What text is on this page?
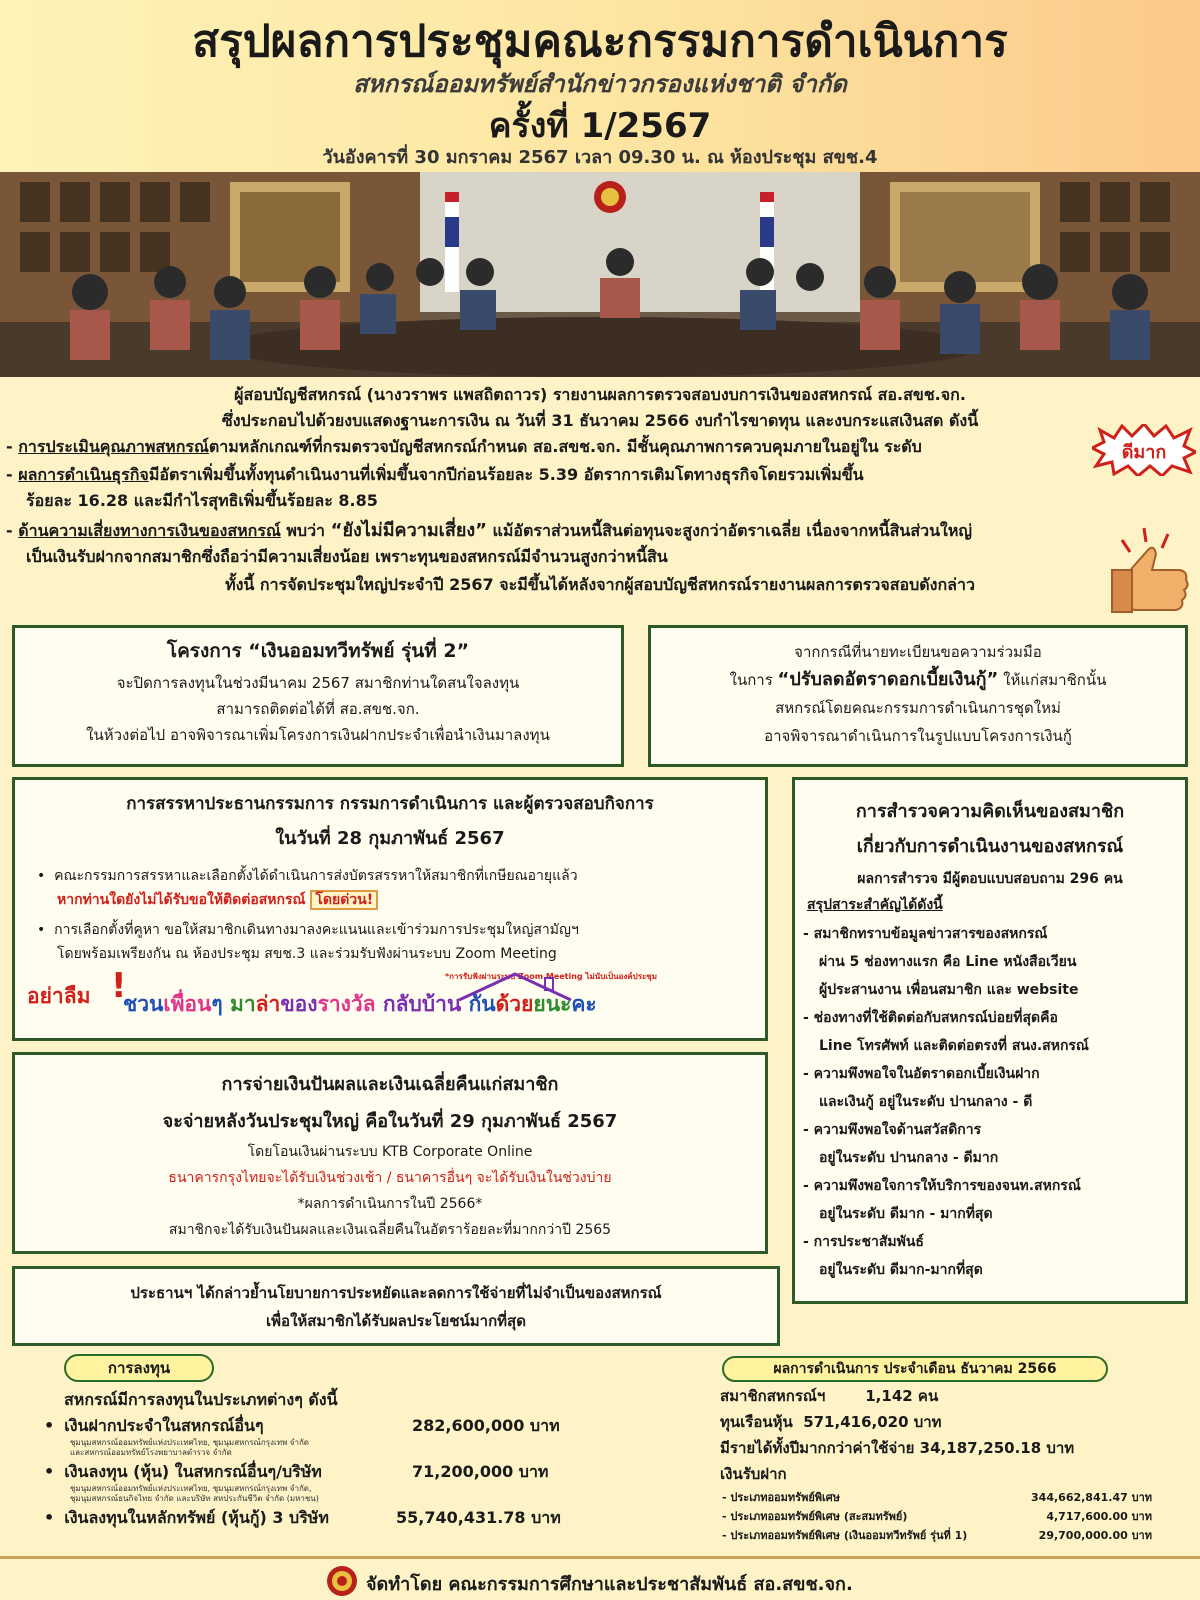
สรุปผลการประชุมคณะกรรมการดำเนินการ
สหกรณ์ออมทรัพย์สำนักข่าวกรองแห่งชาติ จำกัด
ครั้งที่ 1/2567
วันอังคารที่ 30 มกราคม 2567 เวลา 09.30 น. ณ ห้องประชุม สขช.4
ผู้สอบบัญชีสหกรณ์ (นางวราพร แพสถิตถาวร) รายงานผลการตรวจสอบงบการเงินของสหกรณ์ สอ.สขช.จก.
ซึ่งประกอบไปด้วยงบแสดงฐานะการเงิน ณ วันที่ 31 ธันวาคม 2566 งบกำไรขาดทุน และงบกระแสเงินสด ดังนี้
- การประเมินคุณภาพสหกรณ์ตามหลักเกณฑ์ที่กรมตรวจบัญชีสหกรณ์กำหนด สอ.สขช.จก. มีชั้นคุณภาพการควบคุมภายในอยู่ใน ระดับ
- ผลการดำเนินธุรกิจมีอัตราเพิ่มขึ้นทั้งทุนดำเนินงานที่เพิ่มขึ้นจากปีก่อนร้อยละ 5.39 อัตราการเติมโตทางธุรกิจโดยรวมเพิ่มขึ้น
ร้อยละ 16.28 และมีกำไรสุทธิเพิ่มขึ้นร้อยละ 8.85
- ด้านความเสี่ยงทางการเงินของสหกรณ์ พบว่า “ยังไม่มีความเสี่ยง” แม้อัตราส่วนหนี้สินต่อทุนจะสูงกว่าอัตราเฉลี่ย เนื่องจากหนี้สินส่วนใหญ่
เป็นเงินรับฝากจากสมาชิกซึ่งถือว่ามีความเสี่ยงน้อย เพราะทุนของสหกรณ์มีจำนวนสูงกว่าหนี้สิน
ทั้งนี้ การจัดประชุมใหญ่ประจำปี 2567 จะมีขึ้นได้หลังจากผู้สอบบัญชีสหกรณ์รายงานผลการตรวจสอบดังกล่าว
ดีมาก
โครงการ “เงินออมทวีทรัพย์ รุ่นที่ 2”
จะปิดการลงทุนในช่วงมีนาคม 2567 สมาชิกท่านใดสนใจลงทุน
สามารถติดต่อได้ที่ สอ.สขช.จก.
ในห้วงต่อไป อาจพิจารณาเพิ่มโครงการเงินฝากประจำเพื่อนำเงินมาลงทุน
จากกรณีที่นายทะเบียนขอความร่วมมือ
ในการ “ปรับลดอัตราดอกเบี้ยเงินกู้” ให้แก่สมาชิกนั้น
สหกรณ์โดยคณะกรรมการดำเนินการชุดใหม่
อาจพิจารณาดำเนินการในรูปแบบโครงการเงินกู้
การสรรหาประธานกรรมการ กรรมการดำเนินการ และผู้ตรวจสอบกิจการ
ในวันที่ 28 กุมภาพันธ์ 2567
•  คณะกรรมการสรรหาและเลือกตั้งได้ดำเนินการส่งบัตรสรรหาให้สมาชิกที่เกษียณอายุแล้ว
หากท่านใดยังไม่ได้รับขอให้ติดต่อสหกรณ์ โดยด่วน!
•  การเลือกตั้งที่คูหา ขอให้สมาชิกเดินทางมาลงคะแนนและเข้าร่วมการประชุมใหญ่สามัญฯ
โดยพร้อมเพรียงกัน ณ ห้องประชุม สขช.3 และร่วมรับฟังผ่านระบบ Zoom Meeting
*การรับฟังผ่านระบบ Zoom Meeting ไม่นับเป็นองค์ประชุม
อย่าลืม !
ชวนเพื่อนๆ มาล่าของรางวัล กลับบ้าน กันด้วยยนะคะ
การจ่ายเงินปันผลและเงินเฉลี่ยคืนแก่สมาชิก
จะจ่ายหลังวันประชุมใหญ่ คือในวันที่ 29 กุมภาพันธ์ 2567
โดยโอนเงินผ่านระบบ KTB Corporate Online
ธนาคารกรุงไทยจะได้รับเงินช่วงเช้า / ธนาคารอื่นๆ จะได้รับเงินในช่วงบ่าย
*ผลการดำเนินการในปี 2566*
สมาชิกจะได้รับเงินปันผลและเงินเฉลี่ยคืนในอัตราร้อยละที่มากกว่าปี 2565
ประธานฯ ได้กล่าวย้ำนโยบายการประหยัดและลดการใช้จ่ายที่ไม่จำเป็นของสหกรณ์
เพื่อให้สมาชิกได้รับผลประโยชน์มากที่สุด
การสำรวจความคิดเห็นของสมาชิก
เกี่ยวกับการดำเนินงานของสหกรณ์
ผลการสำรวจ มีผู้ตอบแบบสอบถาม 296 คน
สรุปสาระสำคัญได้ดังนี้
- สมาชิกทราบข้อมูลข่าวสารของสหกรณ์
ผ่าน 5 ช่องทางแรก คือ Line หนังสือเวียน
ผู้ประสานงาน เพื่อนสมาชิก และ website
- ช่องทางที่ใช้ติดต่อกับสหกรณ์บ่อยที่สุดคือ
Line โทรศัพท์ และติดต่อตรงที่ สนง.สหกรณ์
- ความพึงพอใจในอัตราดอกเบี้ยเงินฝาก
และเงินกู้ อยู่ในระดับ ปานกลาง - ดี
- ความพึงพอใจด้านสวัสดิการ
อยู่ในระดับ ปานกลาง - ดีมาก
- ความพึงพอใจการให้บริการของจนท.สหกรณ์
อยู่ในระดับ ดีมาก - มากที่สุด
- การประชาสัมพันธ์
อยู่ในระดับ ดีมาก-มากที่สุด
การลงทุน
สหกรณ์มีการลงทุนในประเภทต่างๆ ดังนี้
• เงินฝากประจำในสหกรณ์อื่นๆ	282,600,000 บาท
ชุมนุมสหกรณ์ออมทรัพย์แห่งประเทศไทย, ชุมนุมสหกรณ์กรุงเทพ จำกัด
และสหกรณ์ออมทรัพย์โรงพยาบาลตำรวจ จำกัด
• เงินลงทุน (หุ้น) ในสหกรณ์อื่นๆ/บริษัท	71,200,000 บาท
ชุมนุมสหกรณ์ออมทรัพย์แห่งประเทศไทย, ชุมนุมสหกรณ์กรุงเทพ จำกัด,
ชุมนุมสหกรณ์ธนกิจไทย จำกัด และบริษัท สหประกันชีวิต จำกัด (มหาชน)
• เงินลงทุนในหลักทรัพย์ (หุ้นกู้) 3 บริษัท	55,740,431.78 บาท
ผลการดำเนินการ ประจำเดือน ธันวาคม 2566
สมาชิกสหกรณ์ฯ	1,142 คน
ทุนเรือนหุ้น 571,416,020 บาท
มีรายได้ทั้งปีมากกว่าค่าใช้จ่าย 34,187,250.18 บาท
เงินรับฝาก
- ประเภทออมทรัพย์พิเศษ	344,662,841.47 บาท
- ประเภทออมทรัพย์พิเศษ (สะสมทรัพย์)	4,717,600.00 บาท
- ประเภทออมทรัพย์พิเศษ (เงินออมทวีทรัพย์ รุ่นที่ 1)	29,700,000.00 บาท
จัดทำโดย คณะกรรมการศึกษาและประชาสัมพันธ์ สอ.สขช.จก.
